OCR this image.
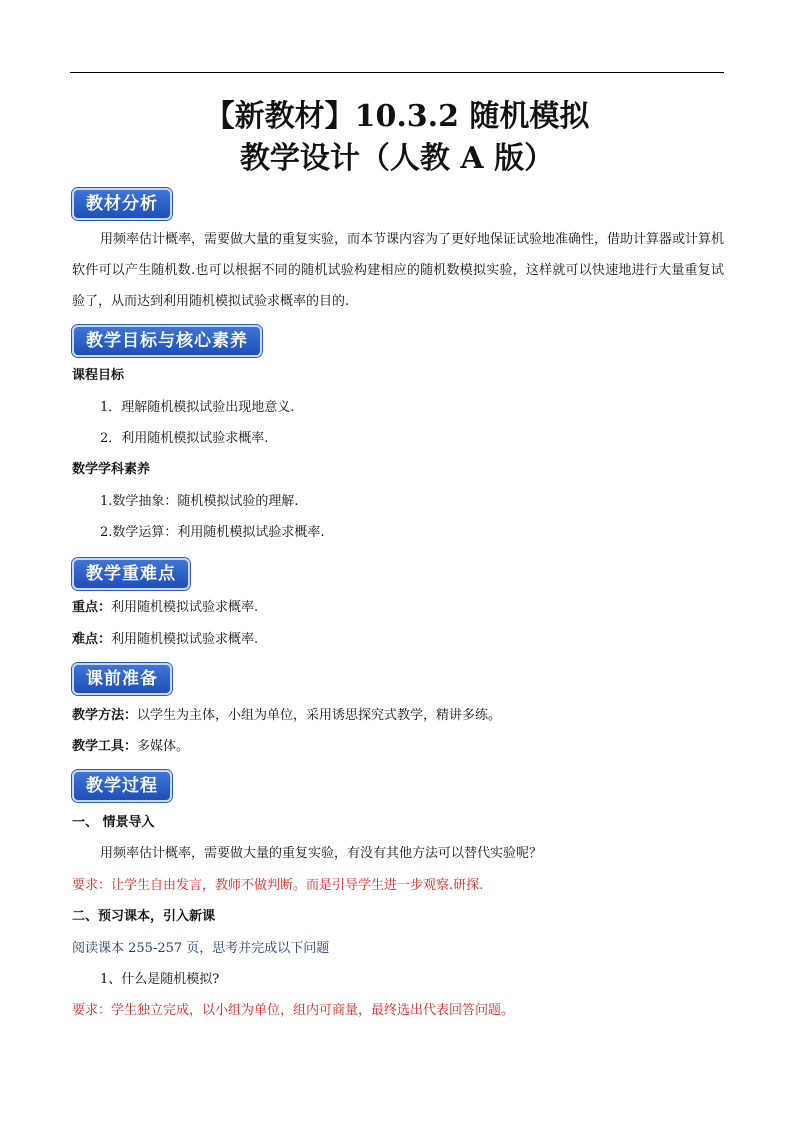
【新教材】10.3.2 随机模拟
教学设计（人教 A 版）
教材分析
用频率估计概率，需要做大量的重复实验，而本节课内容为了更好地保证试验地准确性，借助计算器或计算机软件可以产生随机数.也可以根据不同的随机试验构建相应的随机数模拟实验，这样就可以快速地进行大量重复试验了，从而达到利用随机模拟试验求概率的目的.
教学目标与核心素养
课程目标
1．理解随机模拟试验出现地意义.
2．利用随机模拟试验求概率.
数学学科素养
1.数学抽象：随机模拟试验的理解.
2.数学运算：利用随机模拟试验求概率.
教学重难点
重点：利用随机模拟试验求概率.
难点：利用随机模拟试验求概率.
课前准备
教学方法：以学生为主体，小组为单位，采用诱思探究式教学，精讲多练。
教学工具：多媒体。
教学过程
一、 情景导入
用频率估计概率，需要做大量的重复实验，有没有其他方法可以替代实验呢？
要求：让学生自由发言，教师不做判断。而是引导学生进一步观察.研探.
二、预习课本，引入新课
阅读课本 255-257 页，思考并完成以下问题
1、什么是随机模拟?
要求：学生独立完成，以小组为单位，组内可商量，最终选出代表回答问题。
